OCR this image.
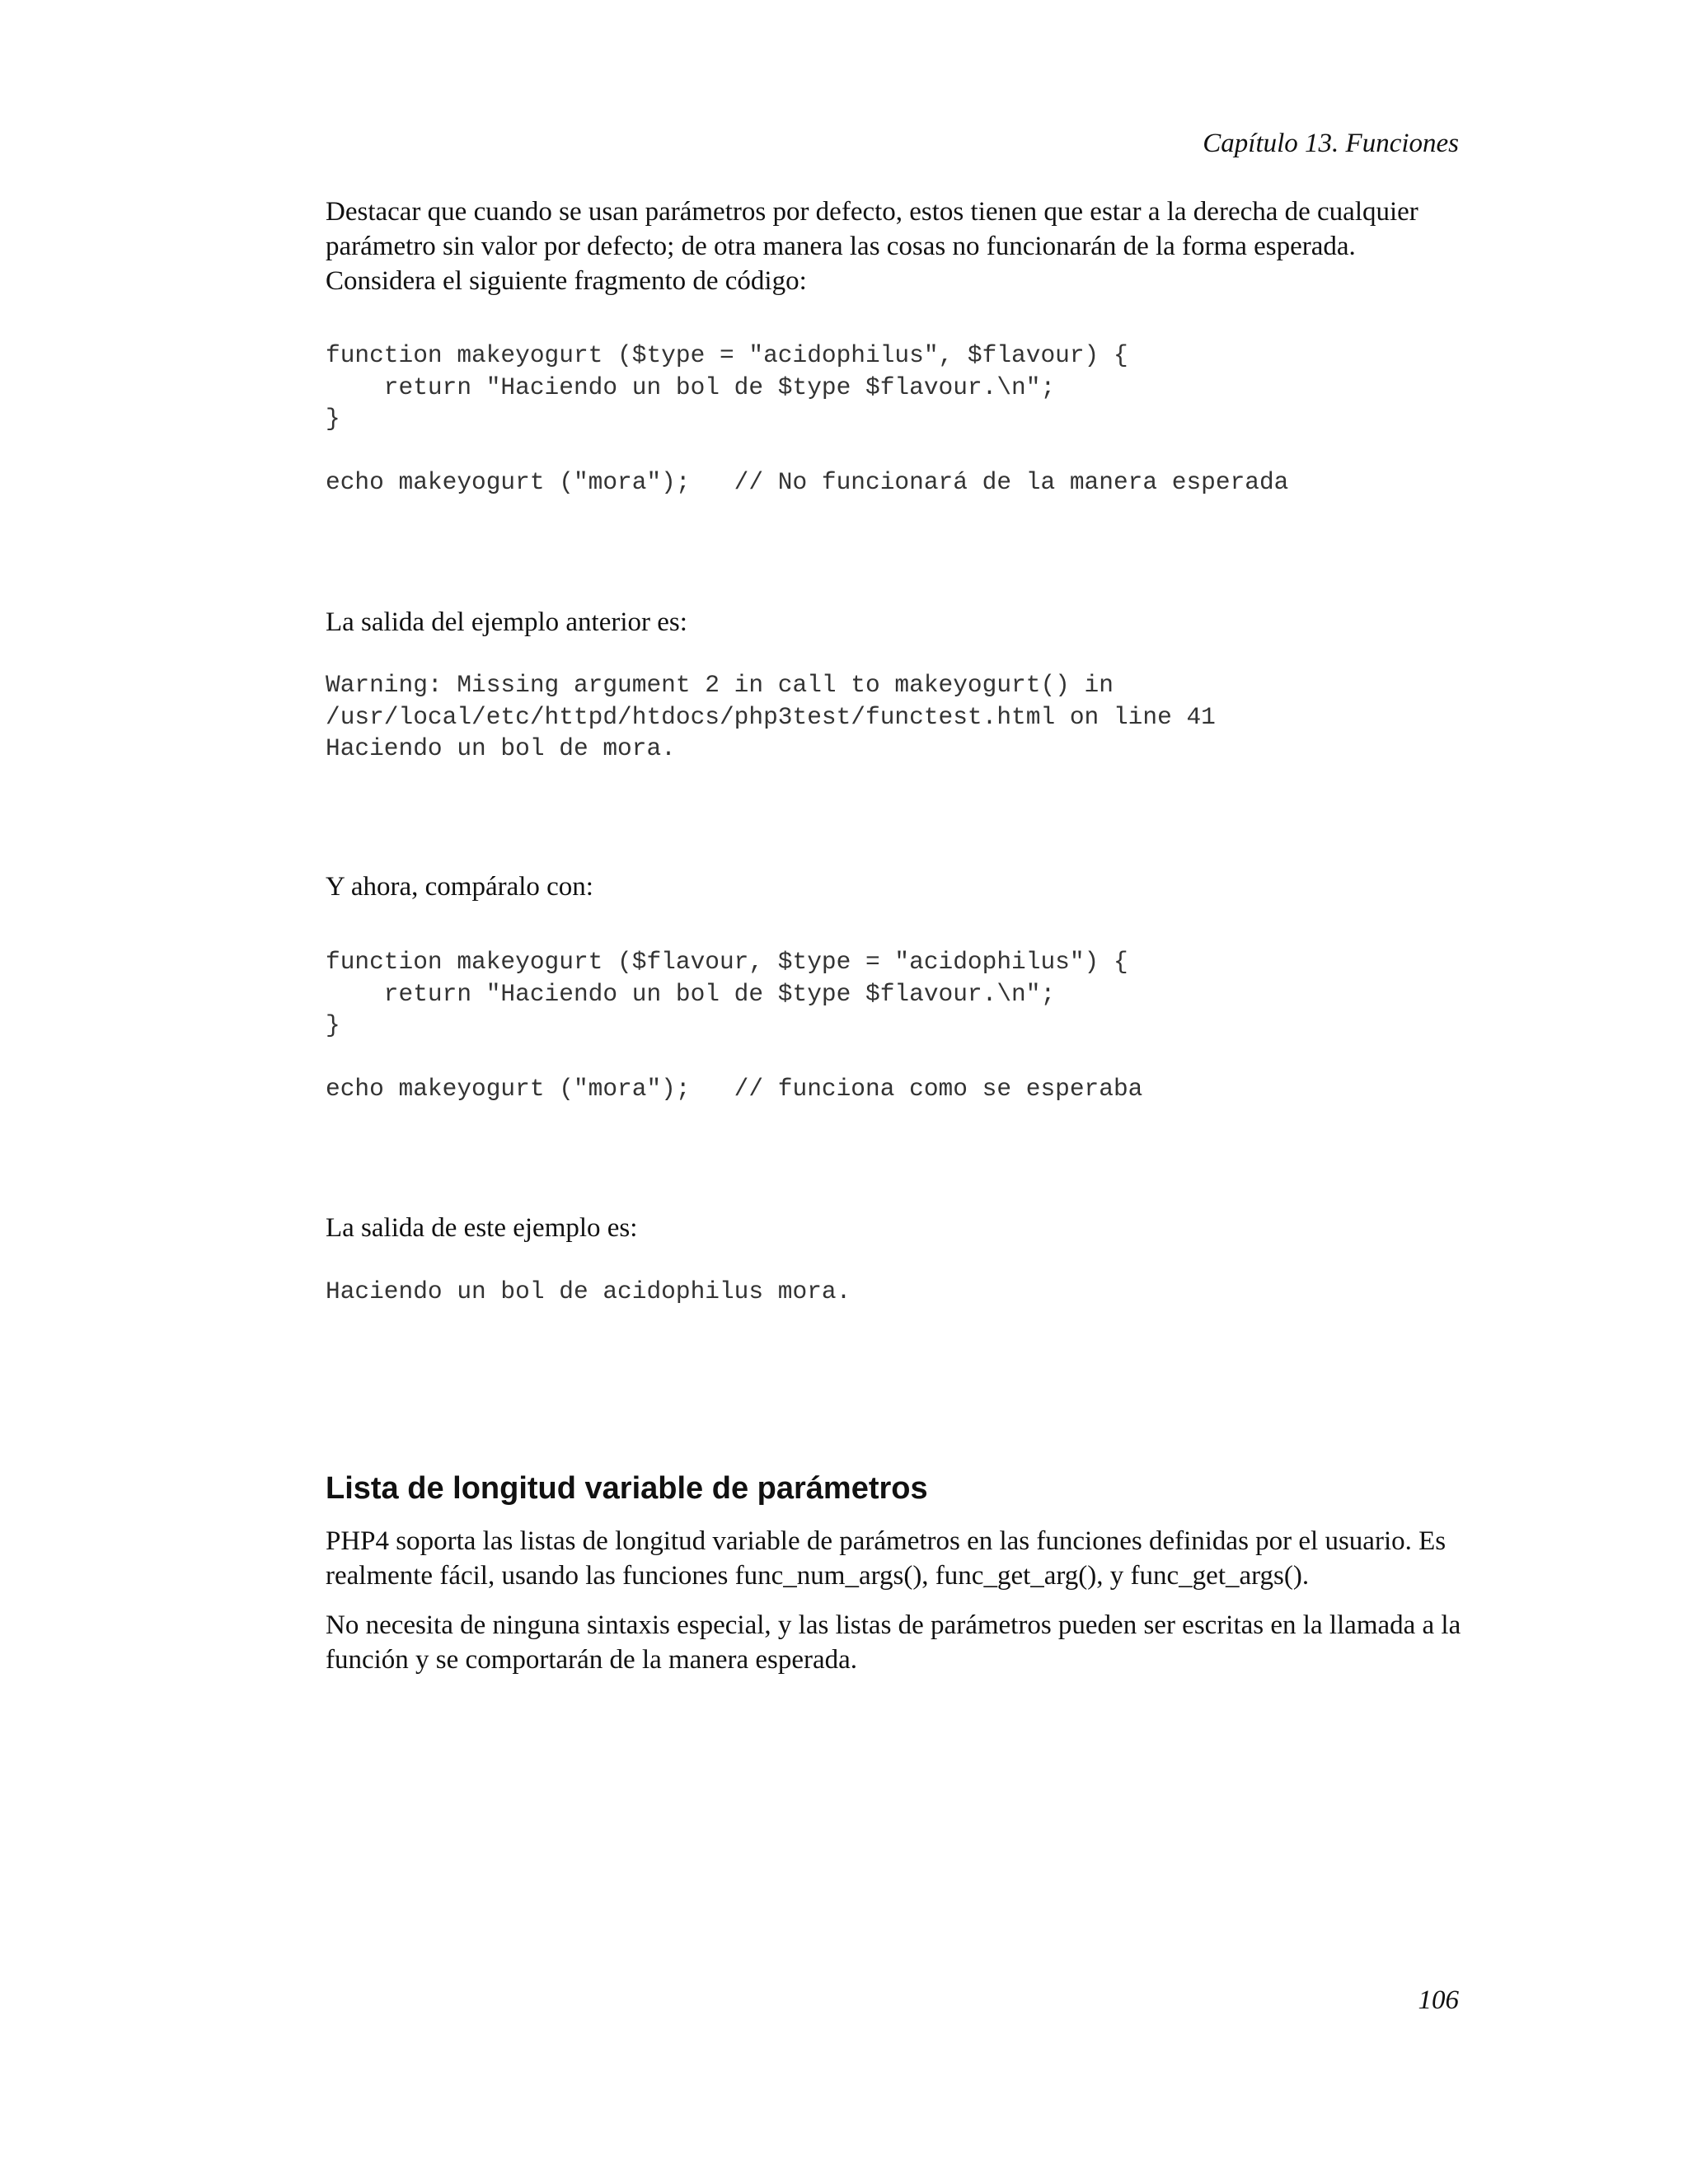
Capítulo 13. Funciones

Destacar que cuando se usan parámetros por defecto, estos tienen que estar a la derecha de cualquier parámetro sin valor por defecto; de otra manera las cosas no funcionarán de la forma esperada. Considera el siguiente fragmento de código:

function makeyogurt ($type = "acidophilus", $flavour) {
return "Haciendo un bol de $type $flavour.\n";
}

echo makeyogurt ("mora");   // No funcionará de la manera esperada

La salida del ejemplo anterior es:

Warning: Missing argument 2 in call to makeyogurt() in
/usr/local/etc/httpd/htdocs/php3test/functest.html on line 41
Haciendo un bol de mora.

Y ahora, compáralo con:

function makeyogurt ($flavour, $type = "acidophilus") {
return "Haciendo un bol de $type $flavour.\n";
}

echo makeyogurt ("mora");   // funciona como se esperaba

La salida de este ejemplo es:

Haciendo un bol de acidophilus mora.
Lista de longitud variable de parámetros

PHP4 soporta las listas de longitud variable de parámetros en las funciones definidas por el usuario. Es realmente fácil, usando las funciones func_num_args(), func_get_arg(), y func_get_args().

No necesita de ninguna sintaxis especial, y las listas de parámetros pueden ser escritas en la llamada a la función y se comportarán de la manera esperada.

106
